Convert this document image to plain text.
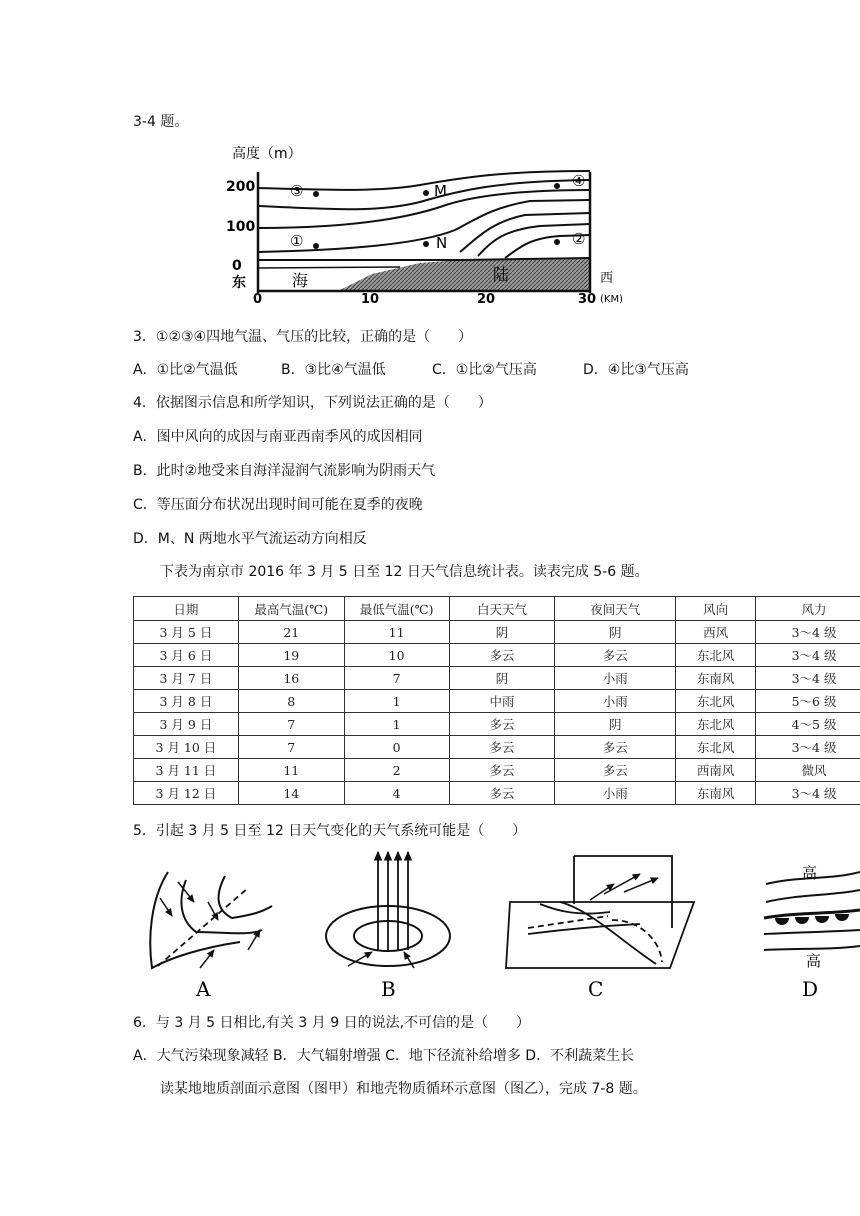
3-4 题。
高度（m）
200
100
0
东	西
海	陆
③	M
④
①	N	②
0	10	20	30 (KM)
3．①②③④四地气温、气压的比较，正确的是（　　）
A．①比②气温低	B．③比④气温低	C．①比②气压高	D．④比③气压高
4．依据图示信息和所学知识，下列说法正确的是（　　）
A．图中风向的成因与南亚西南季风的成因相同
B．此时②地受来自海洋湿润气流影响为阴雨天气
C．等压面分布状况出现时间可能在夏季的夜晚
D．M、N 两地水平气流运动方向相反
下表为南京市 2016 年 3 月 5 日至 12 日天气信息统计表。读表完成 5-6 题。
日期	最高气温(℃)	最低气温(℃)	白天天气	夜间天气	风向	风力
3 月 5 日	21	11	阴	阴	西风	3～4 级
3 月 6 日	19	10	多云	多云	东北风	3～4 级
3 月 7 日	16	7	阴	小雨	东南风	3～4 级
3 月 8 日	8	1	中雨	小雨	东北风	5～6 级
3 月 9 日	7	1	多云	阴	东北风	4～5 级
3 月 10 日	7	0	多云	多云	东北风	3～4 级
3 月 11 日	11	2	多云	多云	西南风	微风
3 月 12 日	14	4	多云	小雨	东南风	3～4 级
5．引起 3 月 5 日至 12 日天气变化的天气系统可能是（　　）
A	B	C
高
高
D
6．与 3 月 5 日相比,有关 3 月 9 日的说法,不可信的是（　　）
A．大气污染现象减轻 B．大气辐射增强 C．地下径流补给增多 D．不利蔬菜生长
读某地地质剖面示意图（图甲）和地壳物质循环示意图（图乙），完成 7-8 题。
